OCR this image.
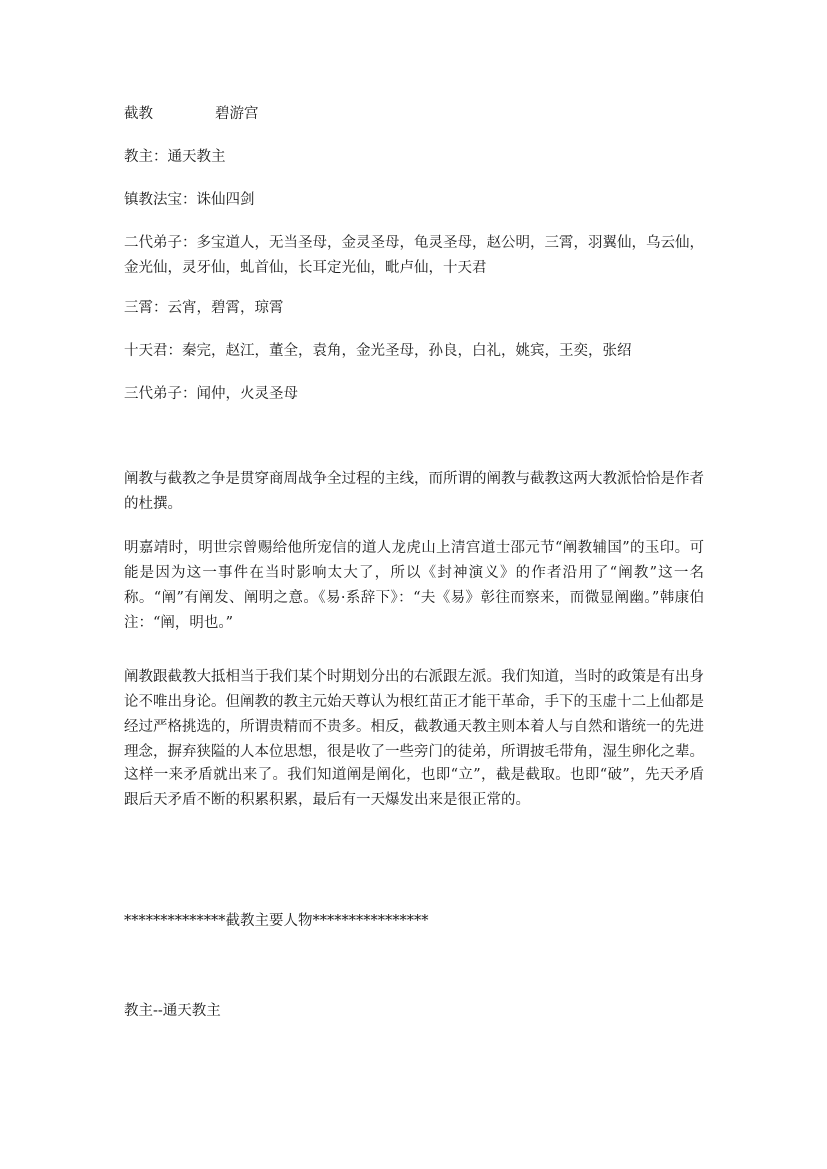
截教	碧游宫
教主：通天教主
镇教法宝：诛仙四剑

二代弟子：多宝道人，无当圣母，金灵圣母，龟灵圣母，赵公明，三霄，羽翼仙，乌云仙，金光仙，灵牙仙，虬首仙，长耳定光仙，毗卢仙，十天君

三霄：云宵，碧霄，琼霄
十天君：秦完，赵江，董全，袁角，金光圣母，孙良，白礼，姚宾，王奕，张绍
三代弟子：闻仲，火灵圣母

阐教与截教之争是贯穿商周战争全过程的主线，而所谓的阐教与截教这两大教派恰恰是作者的杜撰。

明嘉靖时，明世宗曾赐给他所宠信的道人龙虎山上清宫道士邵元节“阐教辅国”的玉印。可能是因为这一事件在当时影响太大了，所以《封神演义》的作者沿用了“阐教”这一名称。“阐”有阐发、阐明之意。《易·系辞下》：“夫《易》彰往而察来，而微显阐幽。”韩康伯注：“阐，明也。”

阐教跟截教大抵相当于我们某个时期划分出的右派跟左派。我们知道，当时的政策是有出身论不唯出身论。但阐教的教主元始天尊认为根红苗正才能干革命，手下的玉虚十二上仙都是经过严格挑选的，所谓贵精而不贵多。相反，截教通天教主则本着人与自然和谐统一的先进理念，摒弃狭隘的人本位思想，很是收了一些旁门的徒弟，所谓披毛带角，湿生卵化之辈。

这样一来矛盾就出来了。我们知道阐是阐化，也即“立”，截是截取。也即“破”，先天矛盾跟后天矛盾不断的积累积累，最后有一天爆发出来是很正常的。

**************截教主要人物****************
教主--通天教主
